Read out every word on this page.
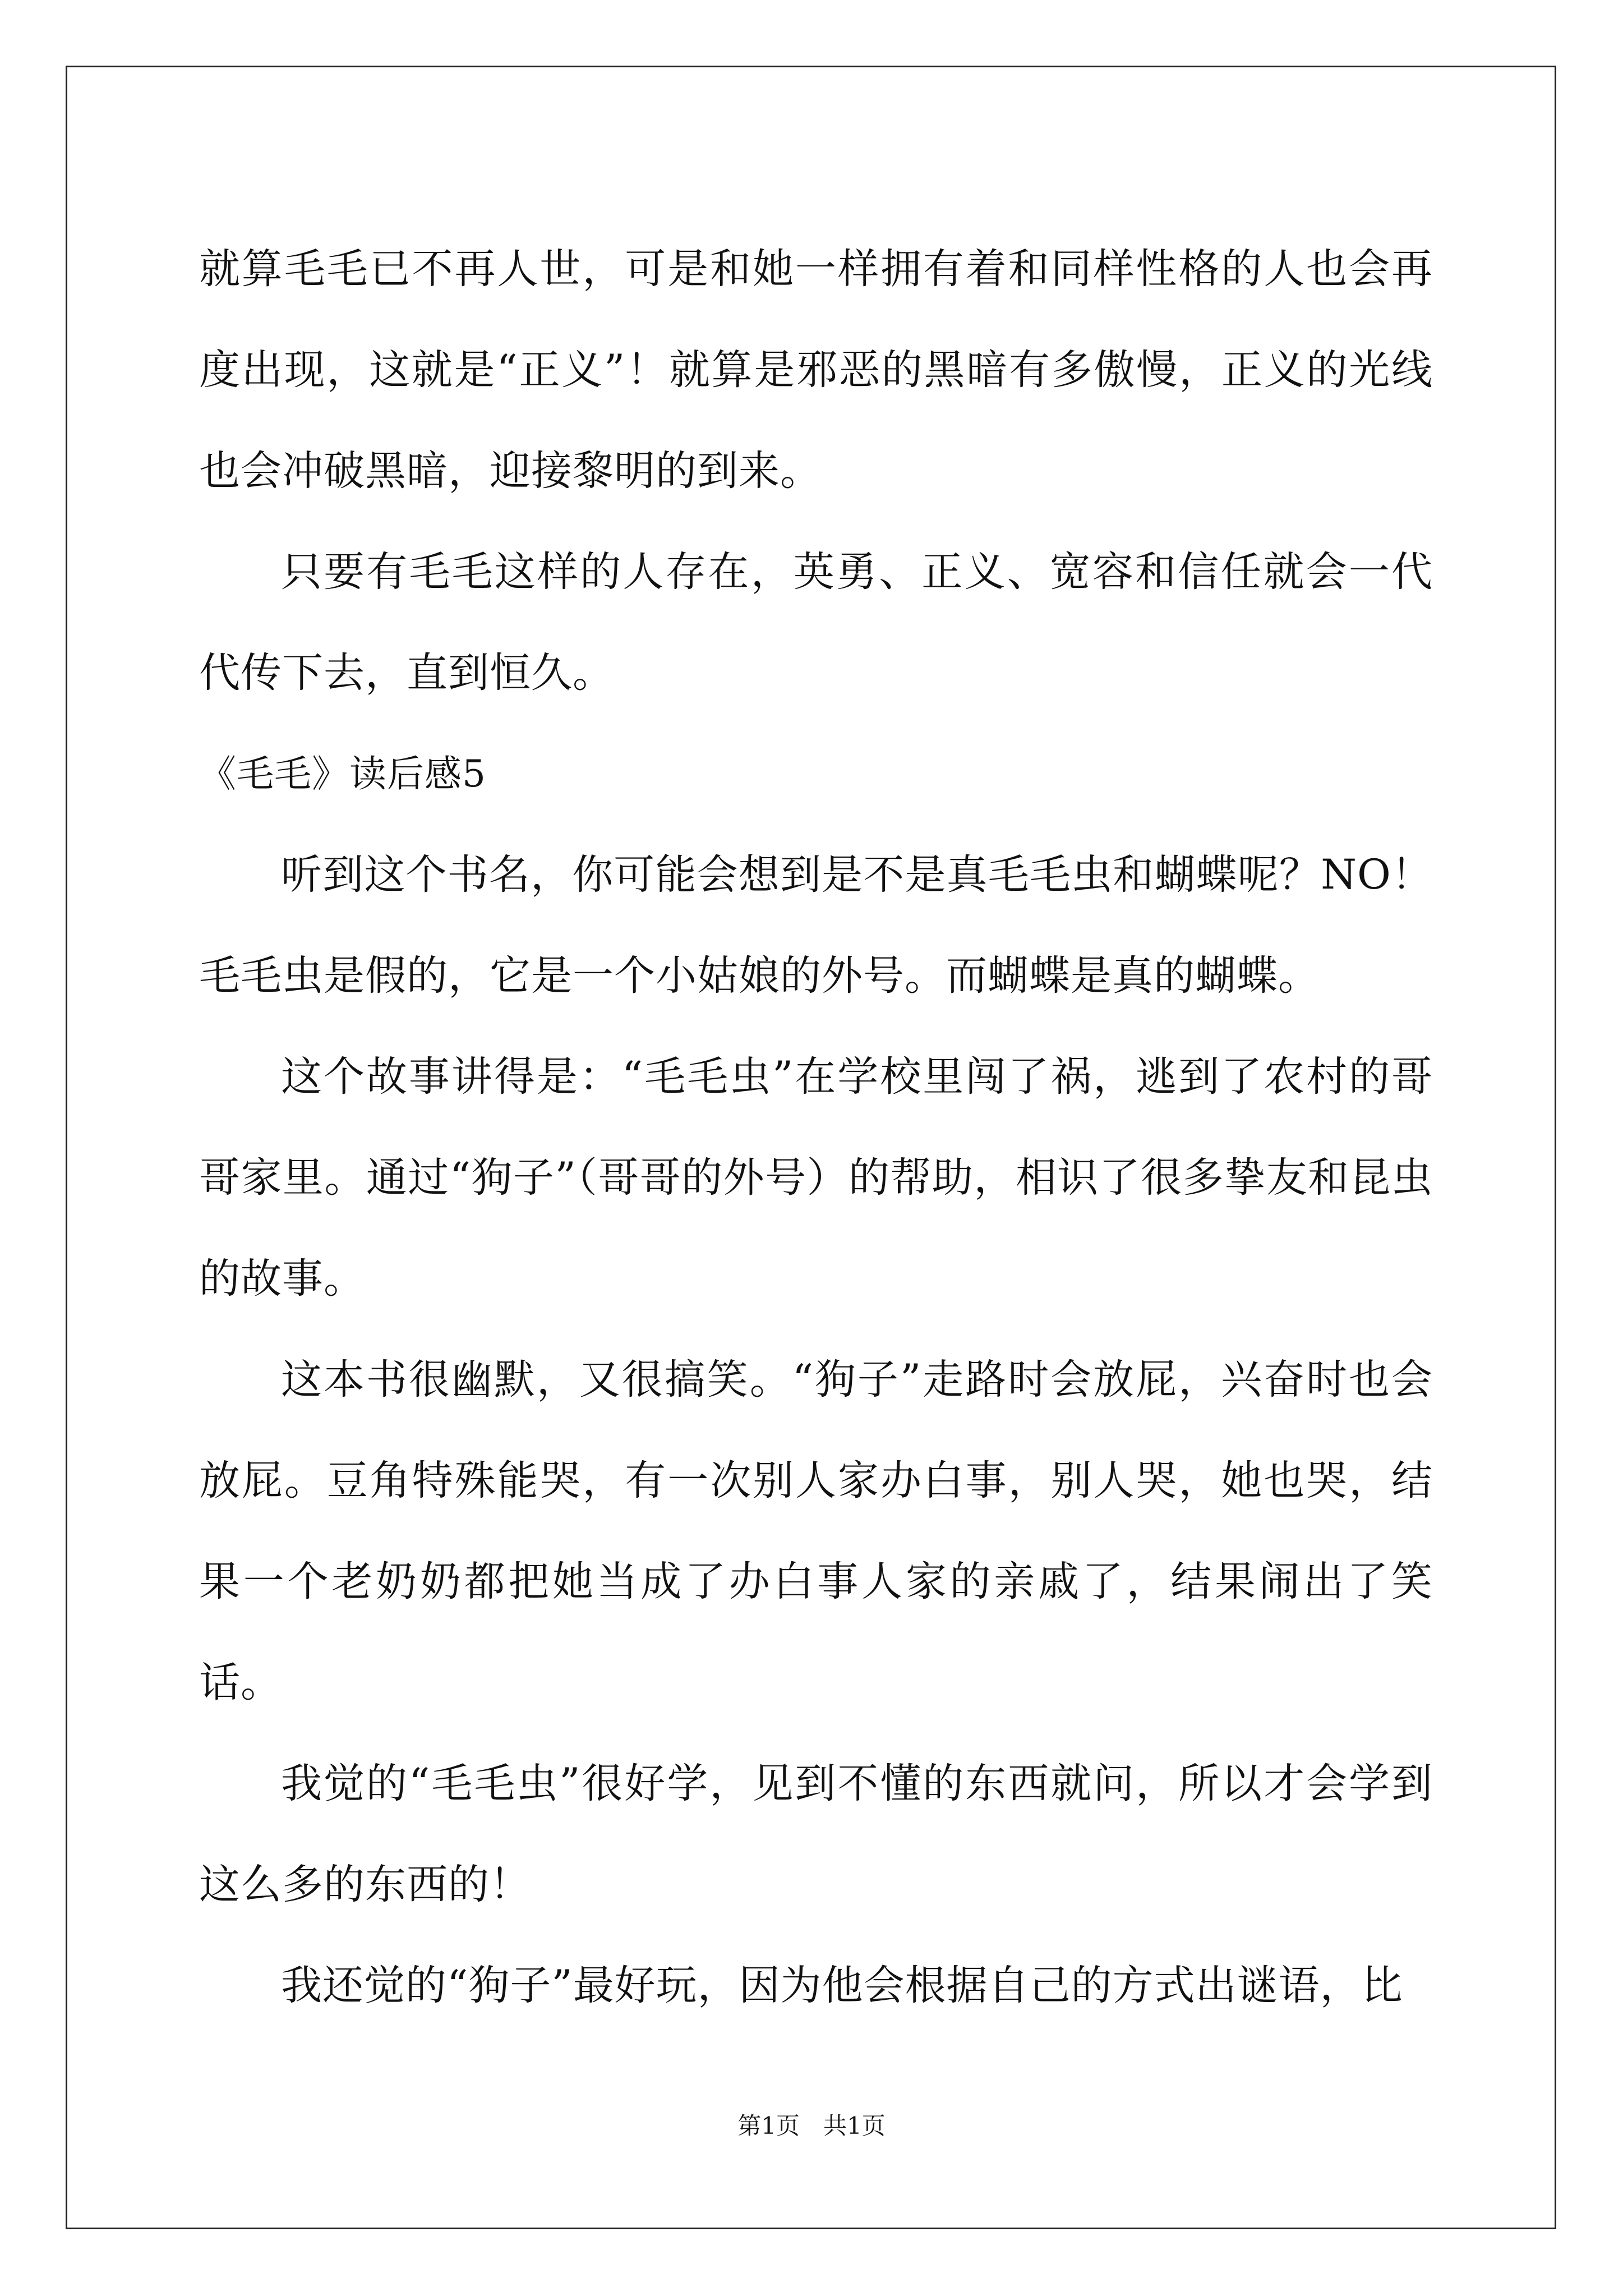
就算毛毛已不再人世，可是和她一样拥有着和同样性格的人也会再度出现，这就是“正义”！就算是邪恶的黑暗有多傲慢，正义的光线也会冲破黑暗，迎接黎明的到来。

只要有毛毛这样的人存在，英勇、正义、宽容和信任就会一代代传下去，直到恒久。

《毛毛》读后感5

听到这个书名，你可能会想到是不是真毛毛虫和蝴蝶呢？NO！毛毛虫是假的，它是一个小姑娘的外号。而蝴蝶是真的蝴蝶。

这个故事讲得是：“毛毛虫”在学校里闯了祸，逃到了农村的哥哥家里。通过“狗子”（哥哥的外号）的帮助，相识了很多挚友和昆虫的故事。

这本书很幽默，又很搞笑。“狗子”走路时会放屁，兴奋时也会放屁。豆角特殊能哭，有一次别人家办白事，别人哭，她也哭，结果一个老奶奶都把她当成了办白事人家的亲戚了，结果闹出了笑话。

我觉的“毛毛虫”很好学，见到不懂的东西就问，所以才会学到这么多的东西的！

我还觉的“狗子”最好玩，因为他会根据自己的方式出谜语，比

第1页　共1页
